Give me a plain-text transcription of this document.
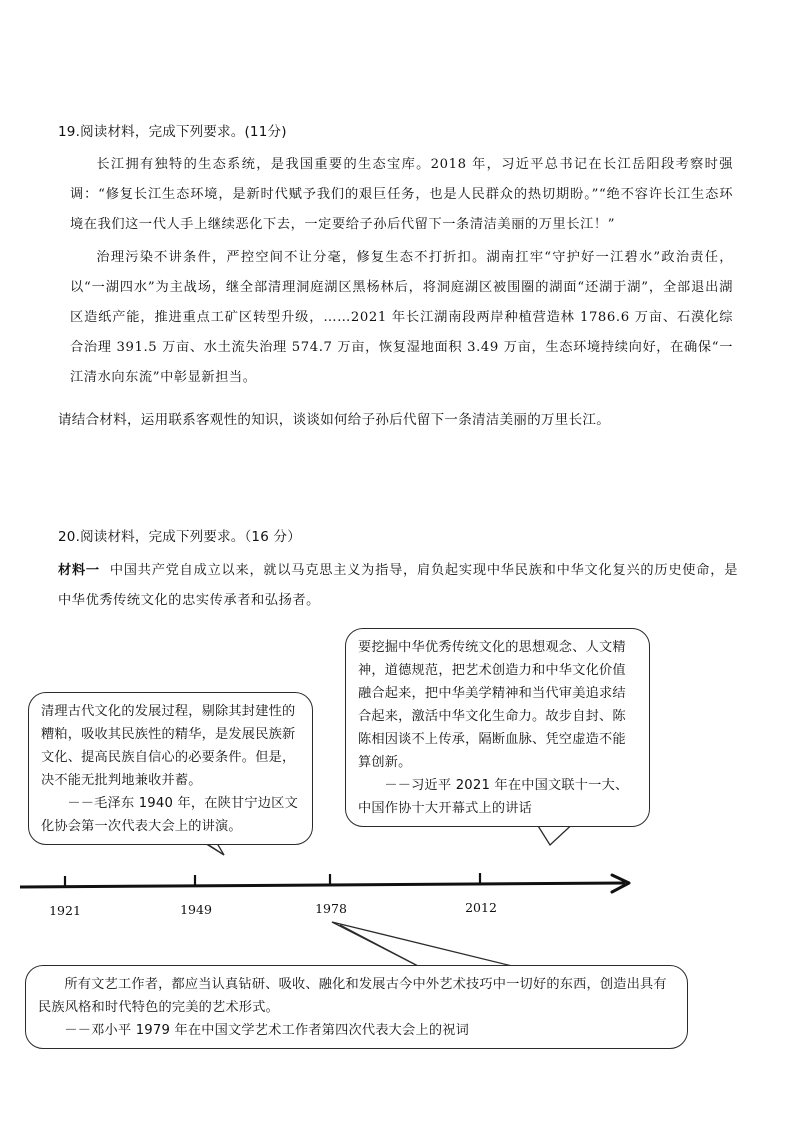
19.阅读材料，完成下列要求。(11分)
长江拥有独特的生态系统，是我国重要的生态宝库。2018 年，习近平总书记在长江岳阳段考察时强调：“修复长江生态环境，是新时代赋予我们的艰巨任务，也是人民群众的热切期盼。”“绝不容许长江生态环境在我们这一代人手上继续恶化下去，一定要给子孙后代留下一条清洁美丽的万里长江！”
治理污染不讲条件，严控空间不让分毫，修复生态不打折扣。湖南扛牢“守护好一江碧水”政治责任，以“一湖四水”为主战场，继全部清理洞庭湖区黑杨林后，将洞庭湖区被围圈的湖面“还湖于湖”，全部退出湖区造纸产能，推进重点工矿区转型升级，……2021 年长江湖南段两岸种植营造林 1786.6 万亩、石漠化综合治理 391.5 万亩、水土流失治理 574.7 万亩，恢复湿地面积 3.49 万亩，生态环境持续向好，在确保“一江清水向东流”中彰显新担当。
请结合材料，运用联系客观性的知识，谈谈如何给子孙后代留下一条清洁美丽的万里长江。
20.阅读材料，完成下列要求。（16 分）
材料一 中国共产党自成立以来，就以马克思主义为指导，肩负起实现中华民族和中华文化复兴的历史使命，是中华优秀传统文化的忠实传承者和弘扬者。
1921	1949	1978	2012

清理古代文化的发展过程，剔除其封建性的糟粕，吸收其民族性的精华，是发展民族新文化、提高民族自信心的必要条件。但是，决不能无批判地兼收并蓄。

－－毛泽东 1940 年，在陕甘宁边区文化协会第一次代表大会上的讲演。

要挖掘中华优秀传统文化的思想观念、人文精神，道德规范，把艺术创造力和中华文化价值融合起来，把中华美学精神和当代审美追求结合起来，激活中华文化生命力。故步自封、陈陈相因谈不上传承，隔断血脉、凭空虚造不能算创新。

－－习近平 2021 年在中国文联十一大、中国作协十大开幕式上的讲话

所有文艺工作者，都应当认真钻研、吸收、融化和发展古今中外艺术技巧中一切好的东西，创造出具有民族风格和时代特色的完美的艺术形式。

－－邓小平 1979 年在中国文学艺术工作者第四次代表大会上的祝词
